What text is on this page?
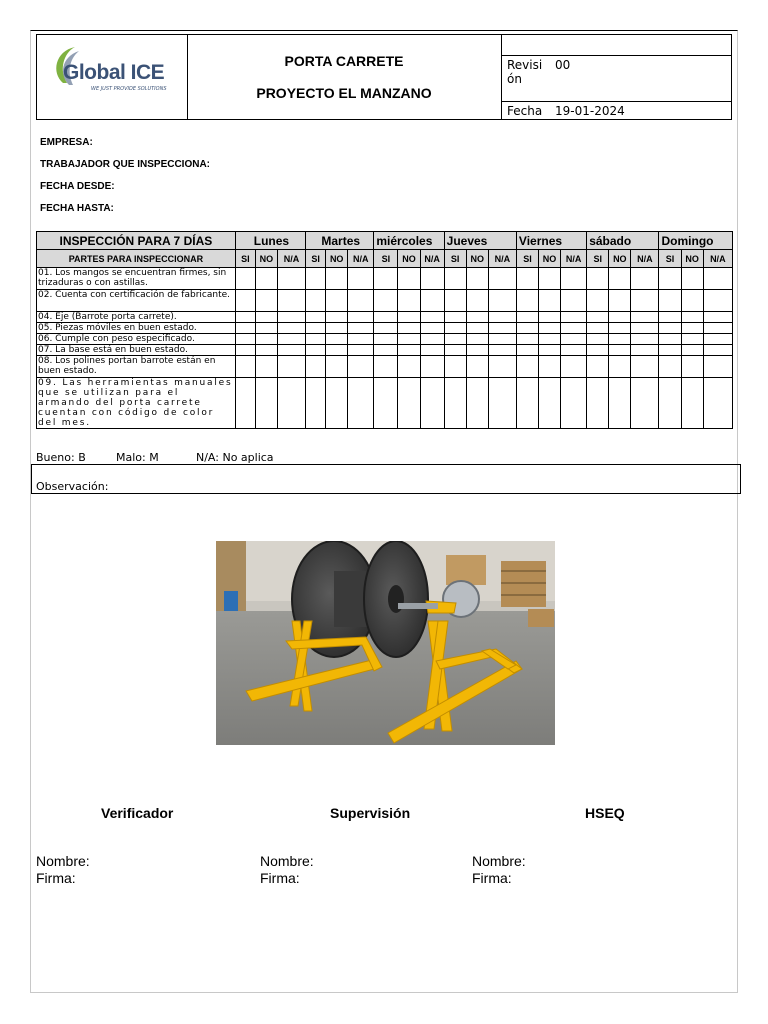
Global ICE
WE JUST PROVIDE SOLUTIONS
PORTA CARRETE
PROYECTO EL MANZANO
Revisión
00
Fecha 19-01-2024
EMPRESA:
TRABAJADOR QUE INSPECCIONA:
FECHA DESDE:
FECHA HASTA:
INSPECCIÓN PARA 7 DÍAS	Lunes			Martes			miércoles			Jueves			Viernes			sábado			Domingo		
PARTES PARA INSPECCIONAR	SI	NO	N/A	SI	NO	N/A	SI	NO	N/A	SI	NO	N/A	SI	NO	N/A	SI	NO	N/A	SI	NO	N/A
01. Los mangos se encuentran firmes, sin trizaduras o con astillas.																					
02. Cuenta con certificación de fabricante.																					
04. Eje (Barrote porta carrete).																					
05. Piezas móviles en buen estado.																					
06. Cumple con peso especificado.																					
07. La base está en buen estado.																					
08. Los polines portan barrote están en buen estado.																					
09. Las herramientas manuales que se utilizan para el armando del porta carrete cuentan con código de color del mes.																					
Bueno: B	Malo: M	N/A: No aplica
Observación:
Verificador	Supervisión	HSEQ
Nombre:
Firma:
Nombre:
Firma:
Nombre:
Firma:
